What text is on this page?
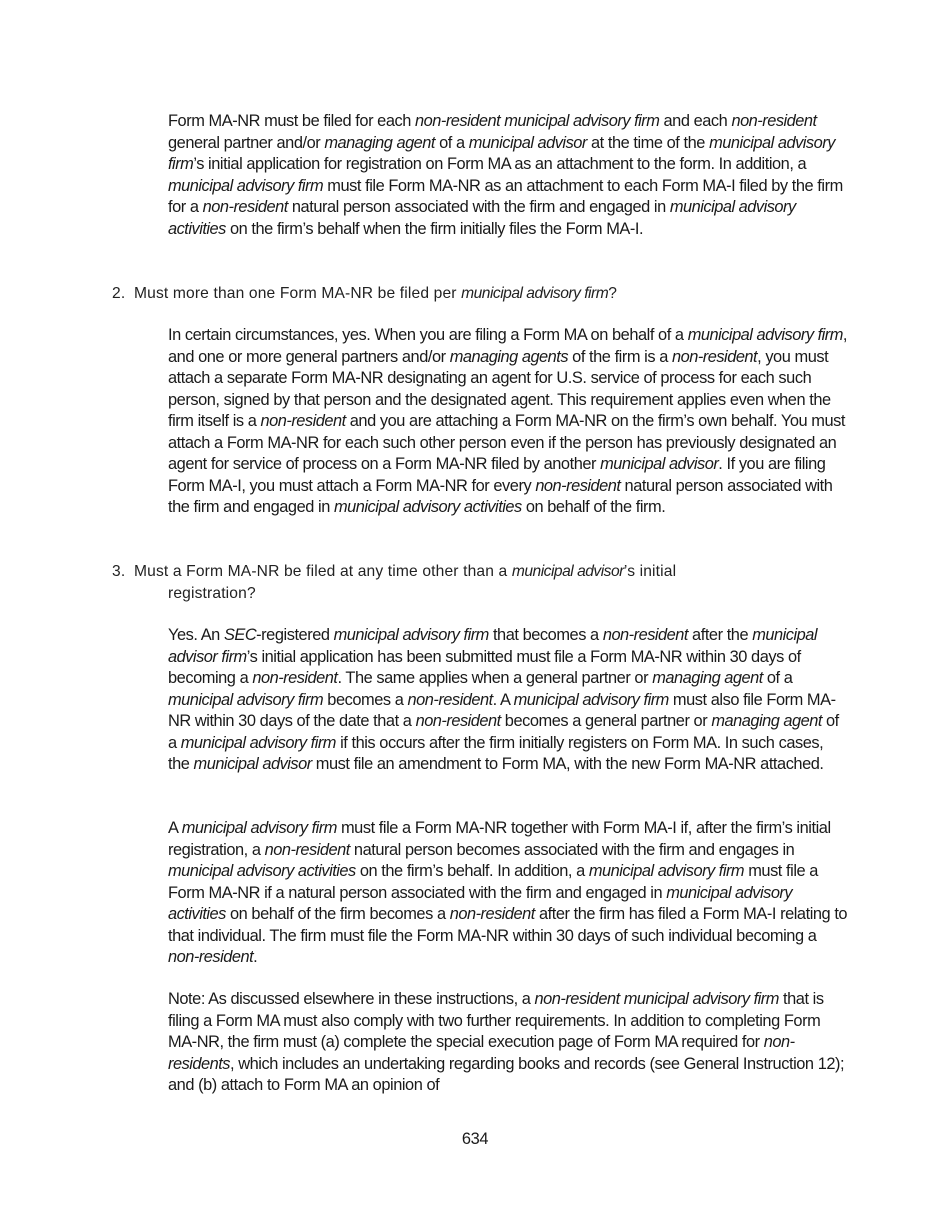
Form MA-NR must be filed for each non-resident municipal advisory firm and each non-resident general partner and/or managing agent of a municipal advisor at the time of the municipal advisory firm’s initial application for registration on Form MA as an attachment to the form. In addition, a municipal advisory firm must file Form MA-NR as an attachment to each Form MA-I filed by the firm for a non-resident natural person associated with the firm and engaged in municipal advisory activities on the firm’s behalf when the firm initially files the Form MA-I.

2. Must more than one Form MA-NR be filed per municipal advisory firm?

In certain circumstances, yes. When you are filing a Form MA on behalf of a municipal advisory firm, and one or more general partners and/or managing agents of the firm is a non-resident, you must attach a separate Form MA-NR designating an agent for U.S. service of process for each such person, signed by that person and the designated agent. This requirement applies even when the firm itself is a non-resident and you are attaching a Form MA-NR on the firm’s own behalf. You must attach a Form MA-NR for each such other person even if the person has previously designated an agent for service of process on a Form MA-NR filed by another municipal advisor. If you are filing Form MA-I, you must attach a Form MA-NR for every non-resident natural person associated with the firm and engaged in municipal advisory activities on behalf of the firm.

3. Must a Form MA-NR be filed at any time other than a municipal advisor’s initial
registration?

Yes. An SEC-registered municipal advisory firm that becomes a non-resident after the municipal advisor firm’s initial application has been submitted must file a Form MA-NR within 30 days of becoming a non-resident. The same applies when a general partner or managing agent of a municipal advisory firm becomes a non-resident. A municipal advisory firm must also file Form MA-NR within 30 days of the date that a non-resident becomes a general partner or managing agent of a municipal advisory firm if this occurs after the firm initially registers on Form MA. In such cases, the municipal advisor must file an amendment to Form MA, with the new Form MA-NR attached.

A municipal advisory firm must file a Form MA-NR together with Form MA-I if, after the firm’s initial registration, a non-resident natural person becomes associated with the firm and engages in municipal advisory activities on the firm’s behalf. In addition, a municipal advisory firm must file a Form MA-NR if a natural person associated with the firm and engaged in municipal advisory activities on behalf of the firm becomes a non-resident after the firm has filed a Form MA-I relating to that individual. The firm must file the Form MA-NR within 30 days of such individual becoming a non-resident.

Note: As discussed elsewhere in these instructions, a non-resident municipal advisory firm that is filing a Form MA must also comply with two further requirements. In addition to completing Form MA-NR, the firm must (a) complete the special execution page of Form MA required for non-residents, which includes an undertaking regarding books and records (see General Instruction 12); and (b) attach to Form MA an opinion of

634
